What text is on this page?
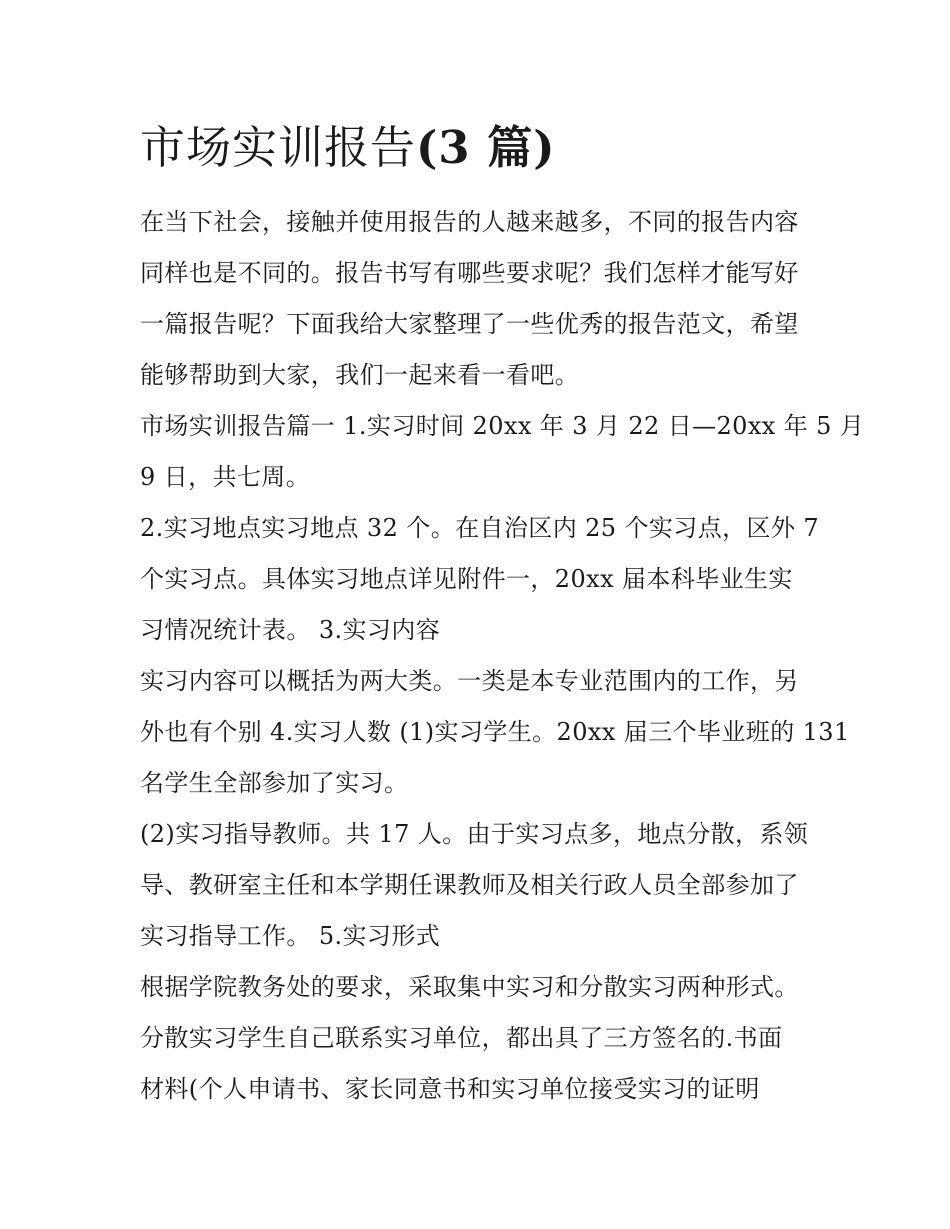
市场实训报告(3 篇)
在当下社会，接触并使用报告的人越来越多，不同的报告内容
同样也是不同的。报告书写有哪些要求呢？我们怎样才能写好
一篇报告呢？下面我给大家整理了一些优秀的报告范文，希望
能够帮助到大家，我们一起来看一看吧。
市场实训报告篇一 1.实习时间 20xx 年 3 月 22 日—20xx 年 5 月
9 日，共七周。
2.实习地点实习地点 32 个。在自治区内 25 个实习点，区外 7
个实习点。具体实习地点详见附件一，20xx 届本科毕业生实
习情况统计表。 3.实习内容
实习内容可以概括为两大类。一类是本专业范围内的工作，另
外也有个别 4.实习人数 (1)实习学生。20xx 届三个毕业班的 131
名学生全部参加了实习。
(2)实习指导教师。共 17 人。由于实习点多，地点分散，系领
导、教研室主任和本学期任课教师及相关行政人员全部参加了
实习指导工作。 5.实习形式
根据学院教务处的要求，采取集中实习和分散实习两种形式。
分散实习学生自己联系实习单位，都出具了三方签名的.书面
材料(个人申请书、家长同意书和实习单位接受实习的证明
